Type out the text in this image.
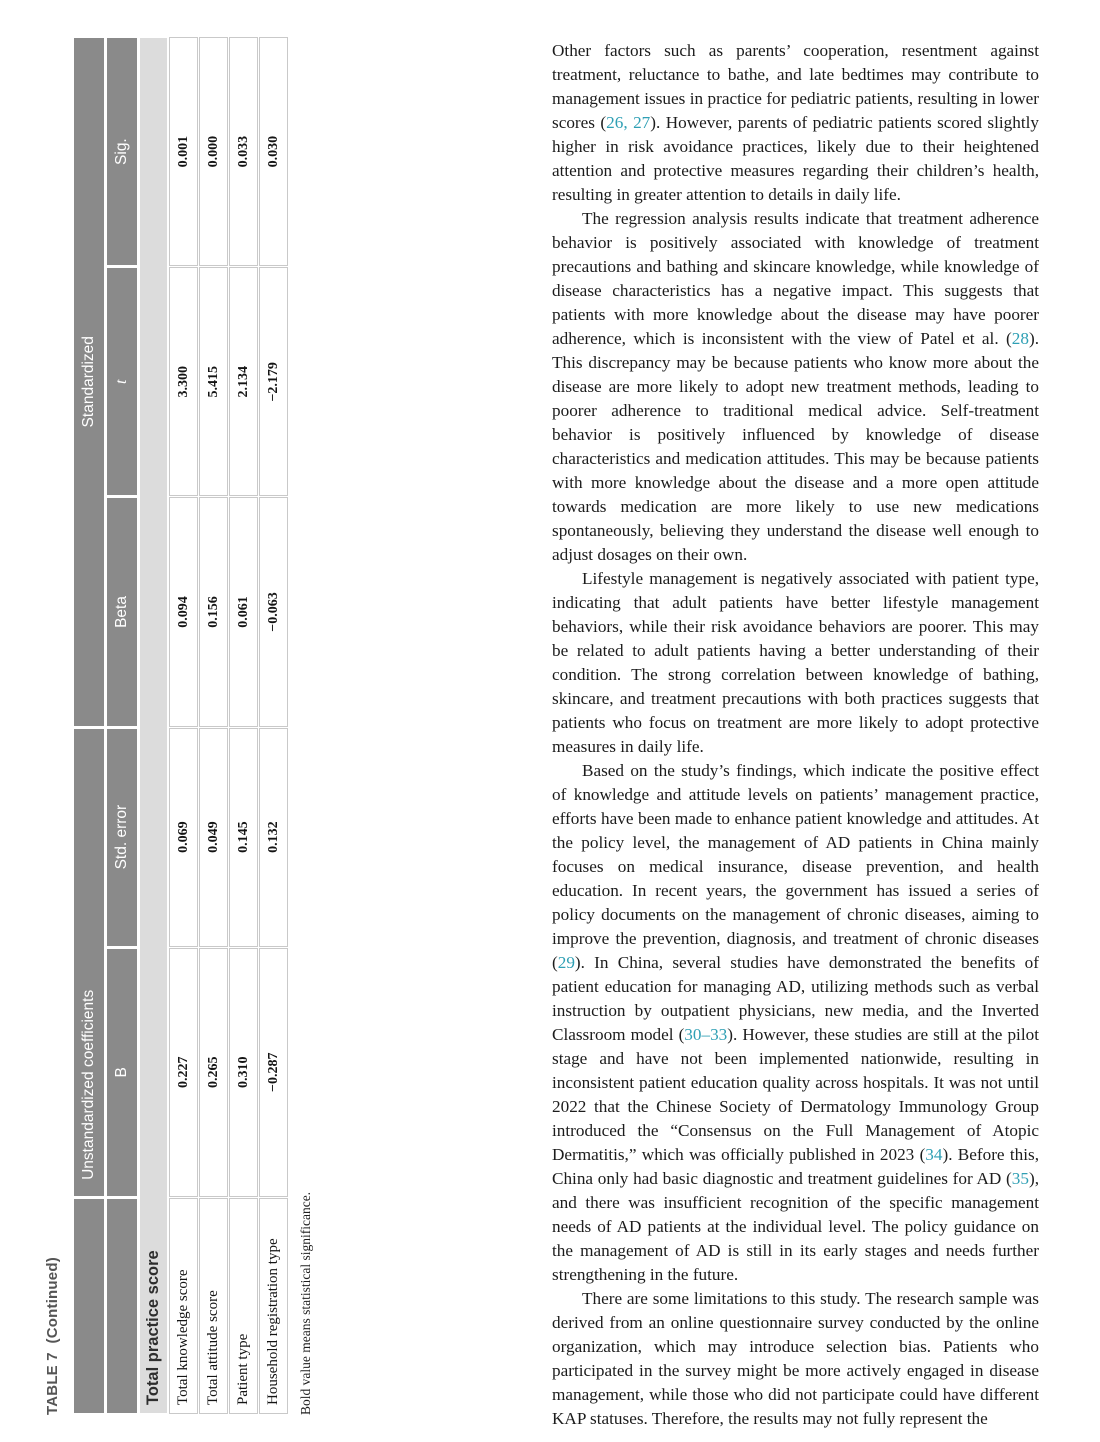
TABLE 7  (Continued)
	Unstandardized coefficients		Standardized		
	B	Std. error	Beta	t	Sig.
Total practice score					
Total knowledge score	0.227	0.069	0.094	3.300	0.001
Total attitude score	0.265	0.049	0.156	5.415	0.000
Patient type	0.310	0.145	0.061	2.134	0.033
Household registration type	−0.287	0.132	−0.063	−2.179	0.030
Bold value means statistical significance.

Other factors such as parents’ cooperation, resentment against treatment, reluctance to bathe, and late bedtimes may contribute to management issues in practice for pediatric patients, resulting in lower scores (26, 27). However, parents of pediatric patients scored slightly higher in risk avoidance practices, likely due to their heightened attention and protective measures regarding their children’s health, resulting in greater attention to details in daily life.

The regression analysis results indicate that treatment adherence behavior is positively associated with knowledge of treatment precautions and bathing and skincare knowledge, while knowledge of disease characteristics has a negative impact. This suggests that patients with more knowledge about the disease may have poorer adherence, which is inconsistent with the view of Patel et al. (28). This discrepancy may be because patients who know more about the disease are more likely to adopt new treatment methods, leading to poorer adherence to traditional medical advice. Self-treatment behavior is positively influenced by knowledge of disease characteristics and medication attitudes. This may be because patients with more knowledge about the disease and a more open attitude towards medication are more likely to use new medications spontaneously, believing they understand the disease well enough to adjust dosages on their own.

Lifestyle management is negatively associated with patient type, indicating that adult patients have better lifestyle management behaviors, while their risk avoidance behaviors are poorer. This may be related to adult patients having a better understanding of their condition. The strong correlation between knowledge of bathing, skincare, and treatment precautions with both practices suggests that patients who focus on treatment are more likely to adopt protective measures in daily life.

Based on the study’s findings, which indicate the positive effect of knowledge and attitude levels on patients’ management practice, efforts have been made to enhance patient knowledge and attitudes. At the policy level, the management of AD patients in China mainly focuses on medical insurance, disease prevention, and health education. In recent years, the government has issued a series of policy documents on the management of chronic diseases, aiming to improve the prevention, diagnosis, and treatment of chronic diseases (29). In China, several studies have demonstrated the benefits of patient education for managing AD, utilizing methods such as verbal instruction by outpatient physicians, new media, and the Inverted Classroom model (30–33). However, these studies are still at the pilot stage and have not been implemented nationwide, resulting in inconsistent patient education quality across hospitals. It was not until 2022 that the Chinese Society of Dermatology Immunology Group introduced the “Consensus on the Full Management of Atopic Dermatitis,” which was officially published in 2023 (34). Before this, China only had basic diagnostic and treatment guidelines for AD (35), and there was insufficient recognition of the specific management needs of AD patients at the individual level. The policy guidance on the management of AD is still in its early stages and needs further strengthening in the future.

There are some limitations to this study. The research sample was derived from an online questionnaire survey conducted by the online organization, which may introduce selection bias. Patients who participated in the survey might be more actively engaged in disease management, while those who did not participate could have different KAP statuses. Therefore, the results may not fully represent the
